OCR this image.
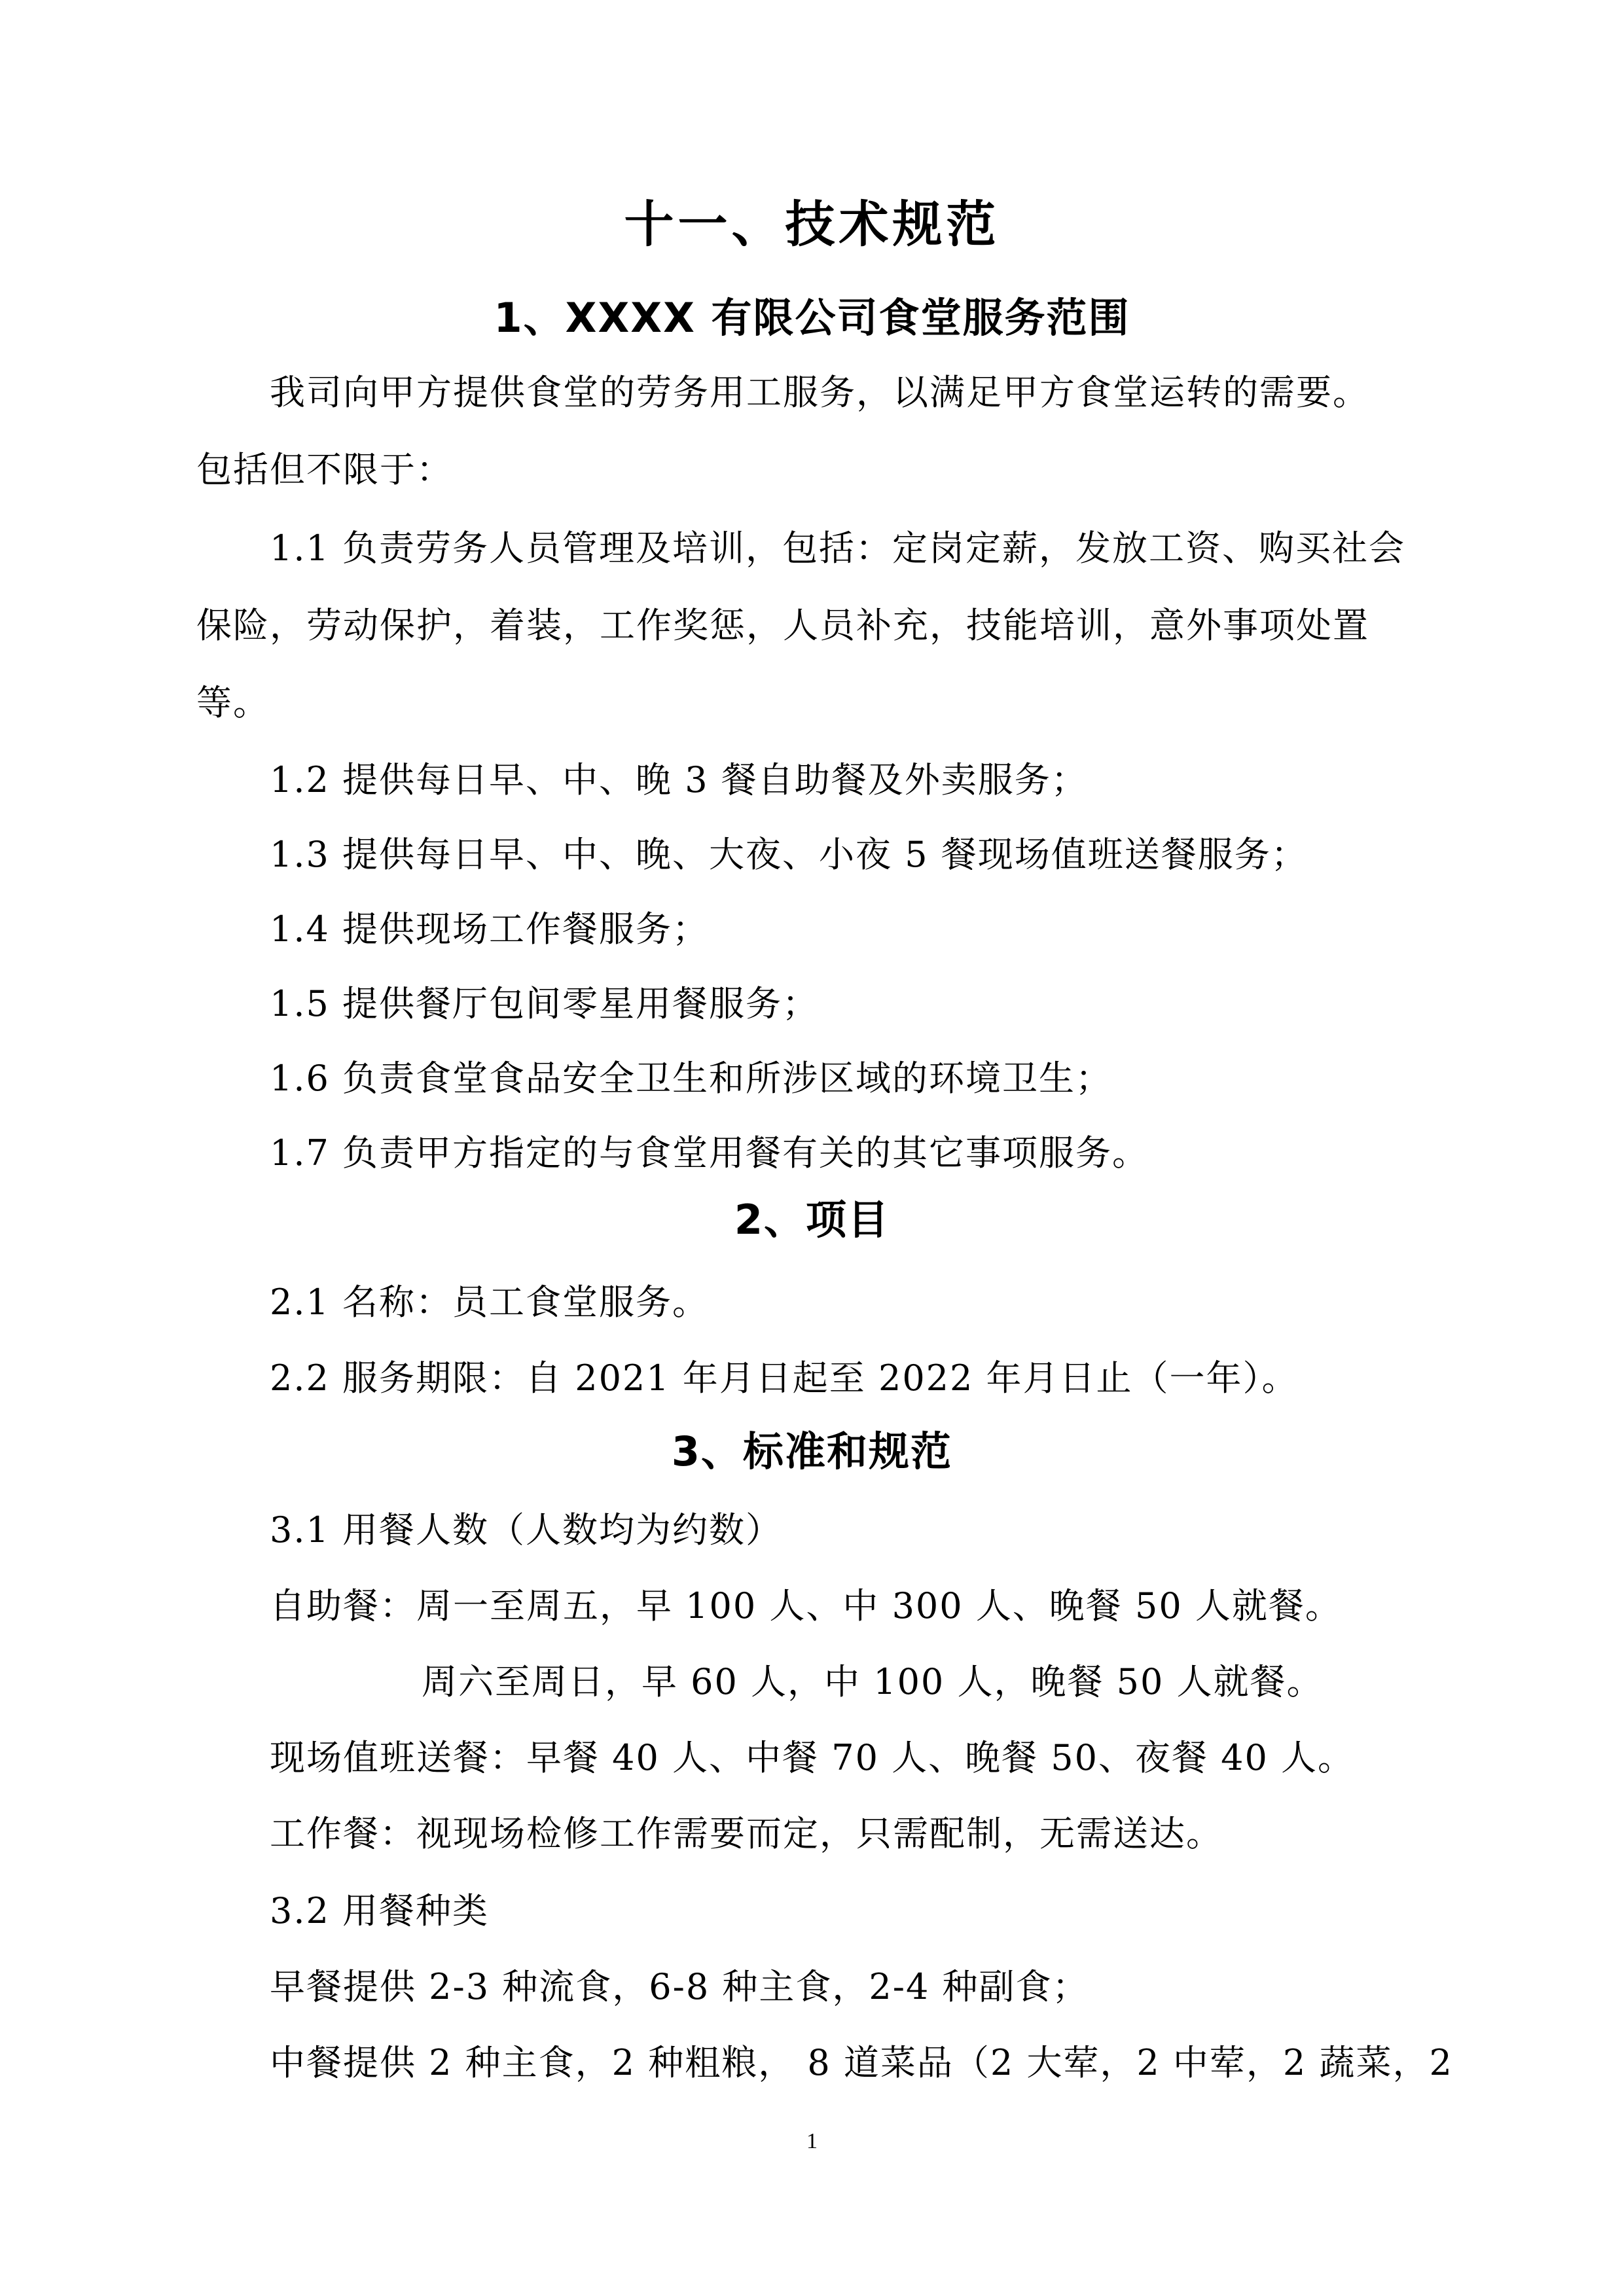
十一、技术规范
1、XXXX 有限公司食堂服务范围
我司向甲方提供食堂的劳务用工服务，以满足甲方食堂运转的需要。
包括但不限于：
1.1 负责劳务人员管理及培训，包括：定岗定薪，发放工资、购买社会
保险，劳动保护，着装，工作奖惩，人员补充，技能培训，意外事项处置
等。
1.2 提供每日早、中、晚 3 餐自助餐及外卖服务；
1.3 提供每日早、中、晚、大夜、小夜 5 餐现场值班送餐服务；
1.4 提供现场工作餐服务；
1.5 提供餐厅包间零星用餐服务；
1.6 负责食堂食品安全卫生和所涉区域的环境卫生；
1.7 负责甲方指定的与食堂用餐有关的其它事项服务。
2、项目
2.1 名称：员工食堂服务。
2.2 服务期限：自 2021 年月日起至 2022 年月日止（一年）。
3、标准和规范
3.1 用餐人数（人数均为约数）
自助餐：周一至周五，早 100 人、中 300 人、晚餐 50 人就餐。
周六至周日，早 60 人，中 100 人，晚餐 50 人就餐。
现场值班送餐：早餐 40 人、中餐 70 人、晚餐 50、夜餐 40 人。
工作餐：视现场检修工作需要而定，只需配制，无需送达。
3.2 用餐种类
早餐提供 2-3 种流食，6-8 种主食，2-4 种副食；
中餐提供 2 种主食，2 种粗粮， 8 道菜品（2 大荤，2 中荤，2 蔬菜，2
1
